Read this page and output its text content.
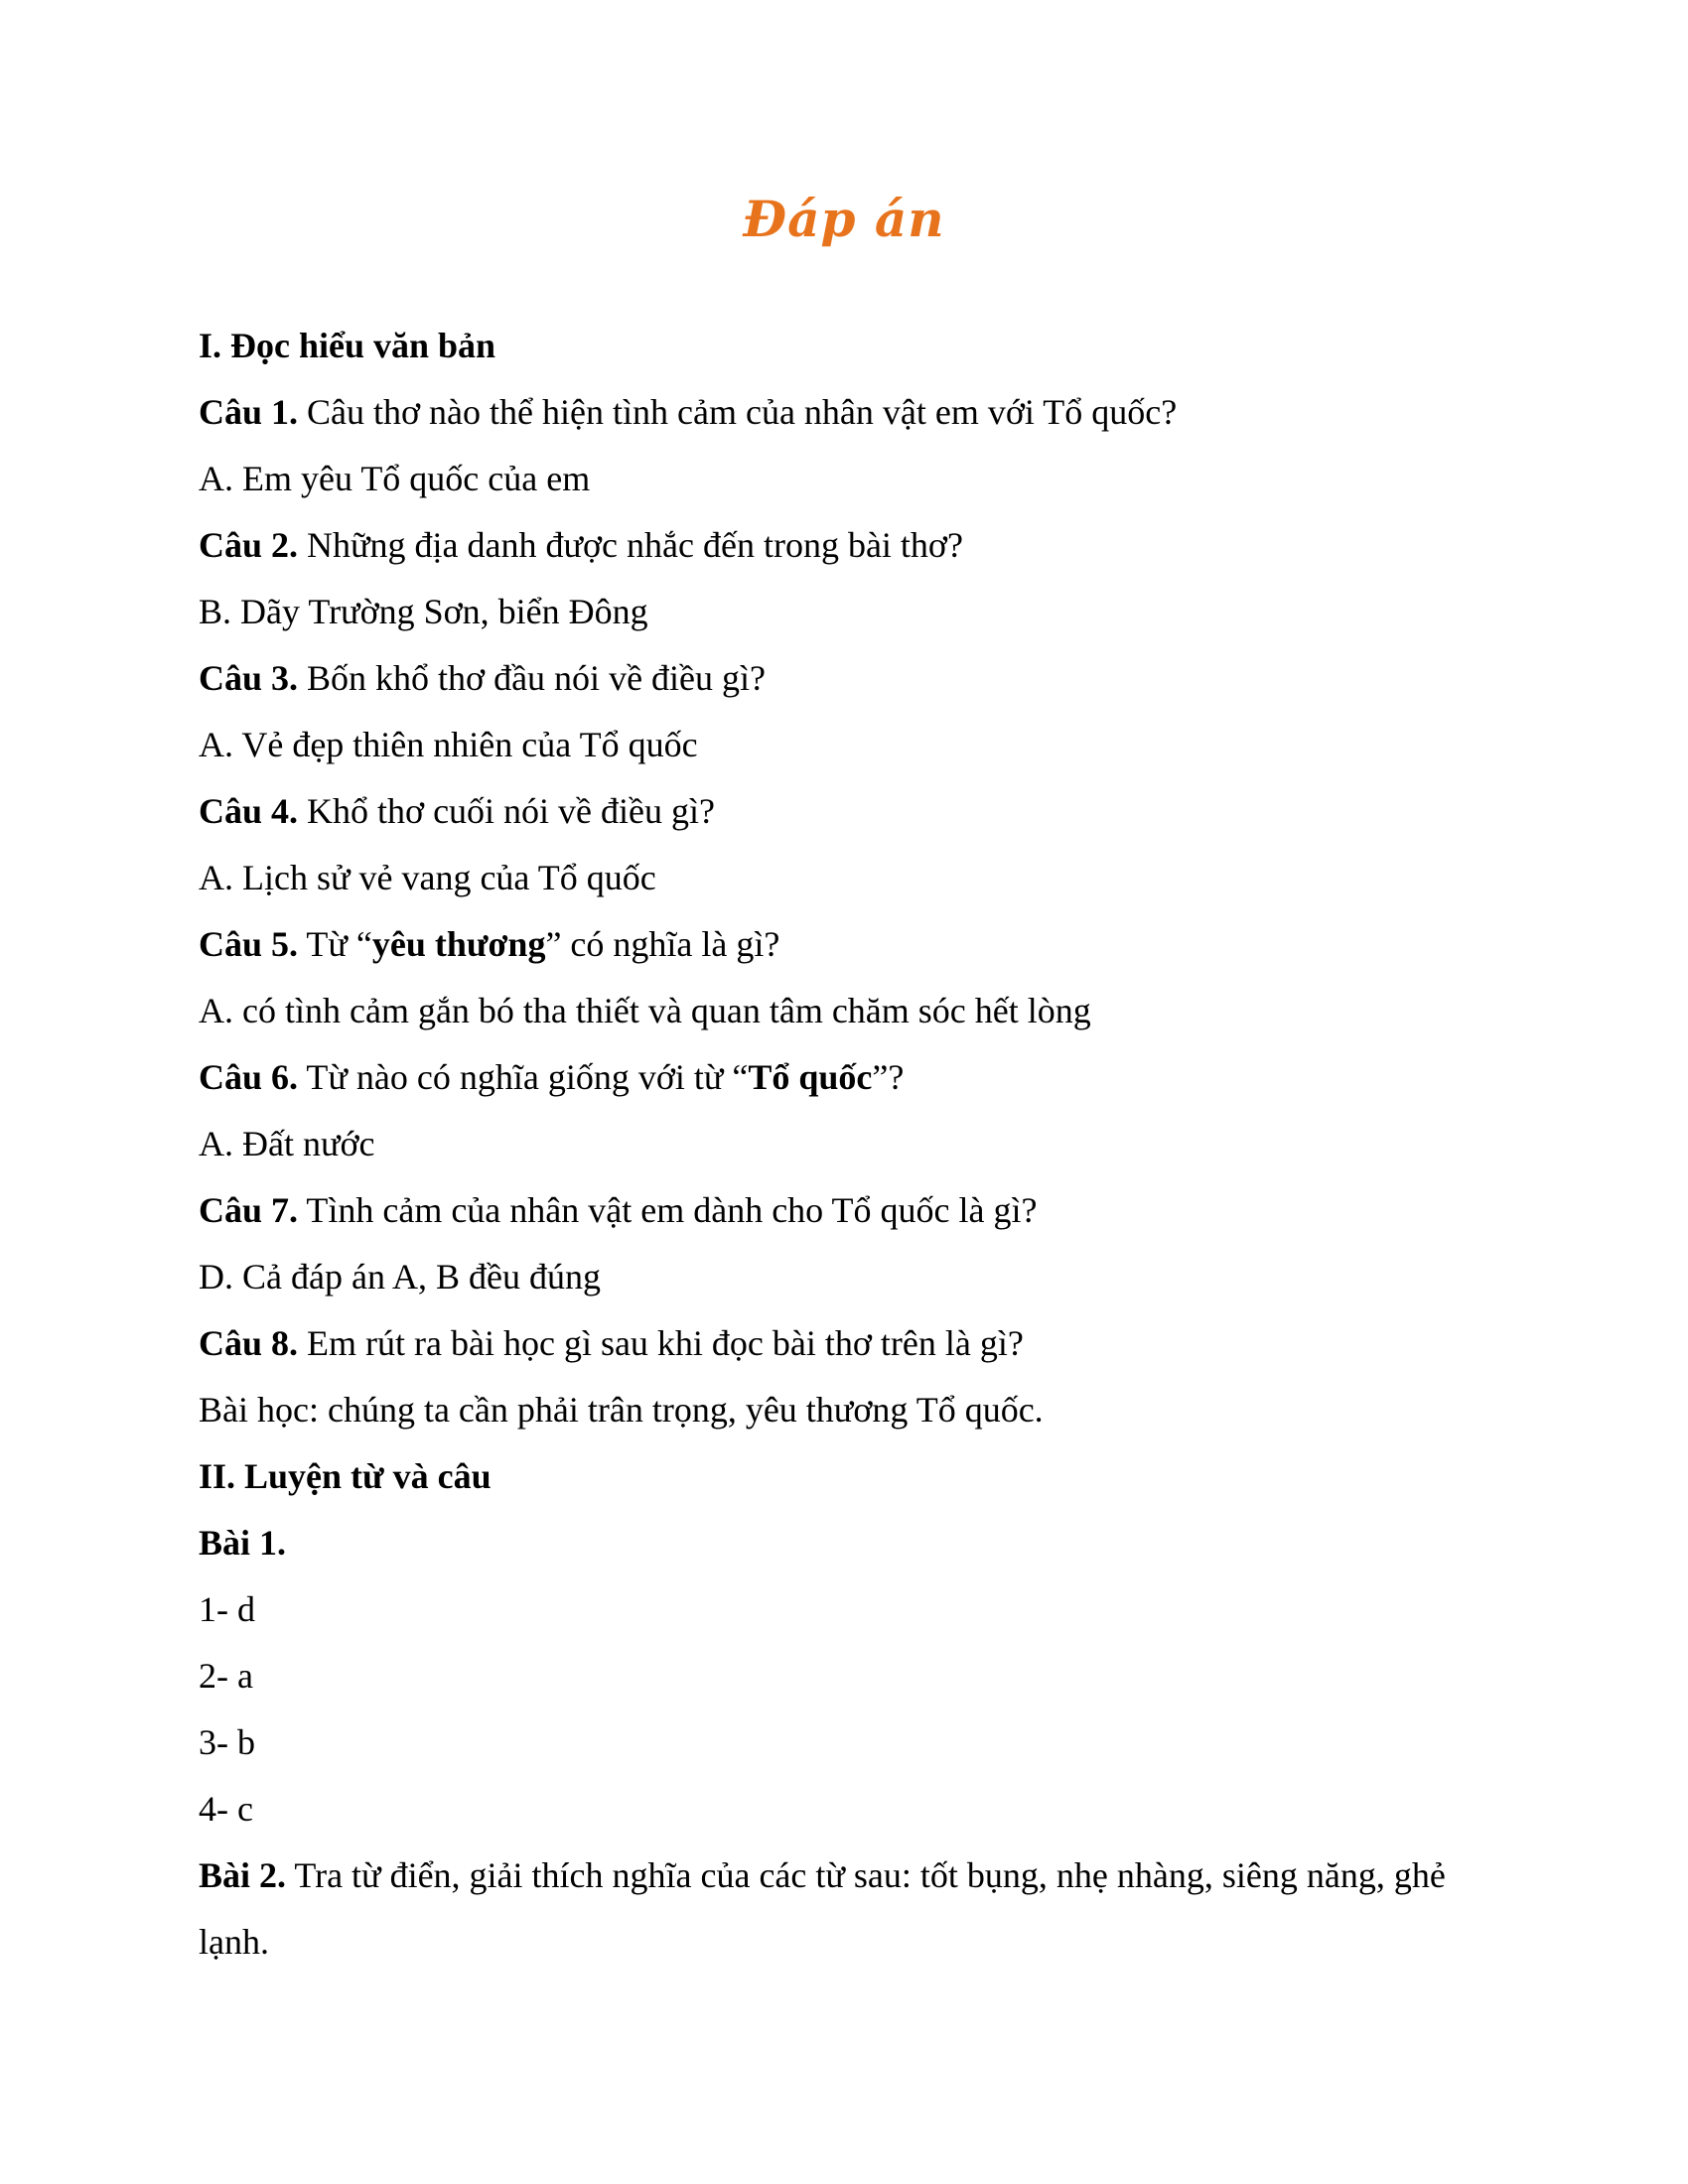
Đáp án
I. Đọc hiểu văn bản
Câu 1. Câu thơ nào thể hiện tình cảm của nhân vật em với Tổ quốc?
A. Em yêu Tổ quốc của em
Câu 2. Những địa danh được nhắc đến trong bài thơ?
B. Dãy Trường Sơn, biển Đông
Câu 3. Bốn khổ thơ đầu nói về điều gì?
A. Vẻ đẹp thiên nhiên của Tổ quốc
Câu 4. Khổ thơ cuối nói về điều gì?
A. Lịch sử vẻ vang của Tổ quốc
Câu 5. Từ “yêu thương” có nghĩa là gì?
A. có tình cảm gắn bó tha thiết và quan tâm chăm sóc hết lòng
Câu 6. Từ nào có nghĩa giống với từ “Tổ quốc”?
A. Đất nước
Câu 7. Tình cảm của nhân vật em dành cho Tổ quốc là gì?
D. Cả đáp án A, B đều đúng
Câu 8. Em rút ra bài học gì sau khi đọc bài thơ trên là gì?
Bài học: chúng ta cần phải trân trọng, yêu thương Tổ quốc.
II. Luyện từ và câu
Bài 1.
1- d
2- a
3- b
4- c
Bài 2. Tra từ điển, giải thích nghĩa của các từ sau: tốt bụng, nhẹ nhàng, siêng năng, ghẻ lạnh.
